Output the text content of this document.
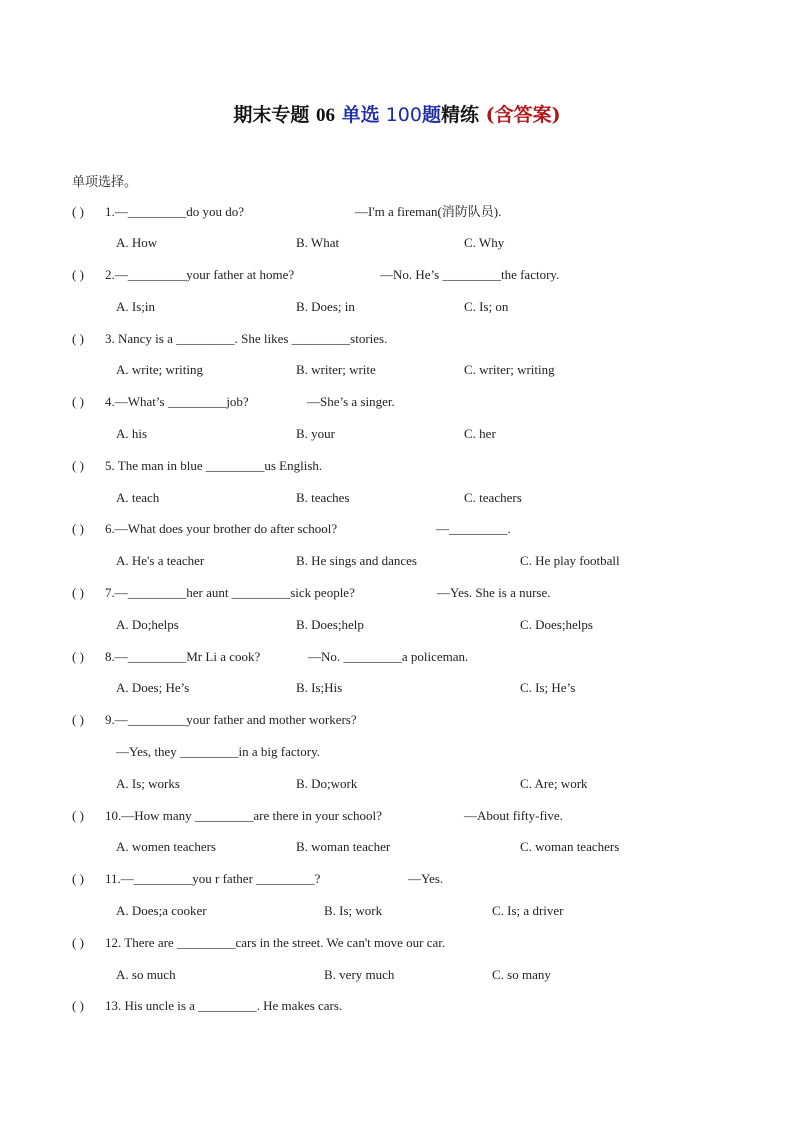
期末专题 06 单选 100题精练 (含答案)
单项选择。
( ) 1.—_________do you do?	—I'm a fireman(消防队员).
A. How	B. What	C. Why
( ) 2.—_________your father at home?	—No. He’s _________the factory.
A. Is;in	B. Does; in	C. Is; on
( ) 3. Nancy is a _________. She likes _________stories.
A. write; writing	B. writer; write	C. writer; writing
( ) 4.—What’s _________job?	—She’s a singer.
A. his	B. your	C. her
( ) 5. The man in blue _________us English.
A. teach	B. teaches	C. teachers
( ) 6.—What does your brother do after school?	—_________.
A. He's a teacher	B. He sings and dances	C. He play football
( ) 7.—_________her aunt _________sick people?	—Yes. She is a nurse.
A. Do;helps	B. Does;help	C. Does;helps
( ) 8.—_________Mr Li a cook?	—No. _________a policeman.
A. Does; He’s	B. Is;His	C. Is; He’s
( ) 9.—_________your father and mother workers?
—Yes, they _________in a big factory.
A. Is; works	B. Do;work	C. Are; work
( ) 10.—How many _________are there in your school?	—About fifty-five.
A. women teachers	B. woman teacher	C. woman teachers
( ) 11.—_________you r father _________?	—Yes.
A. Does;a cooker	B. Is; work	C. Is; a driver
( ) 12. There are _________cars in the street. We can't move our car.
A. so much	B. very much	C. so many
( ) 13. His uncle is a _________. He makes cars.
